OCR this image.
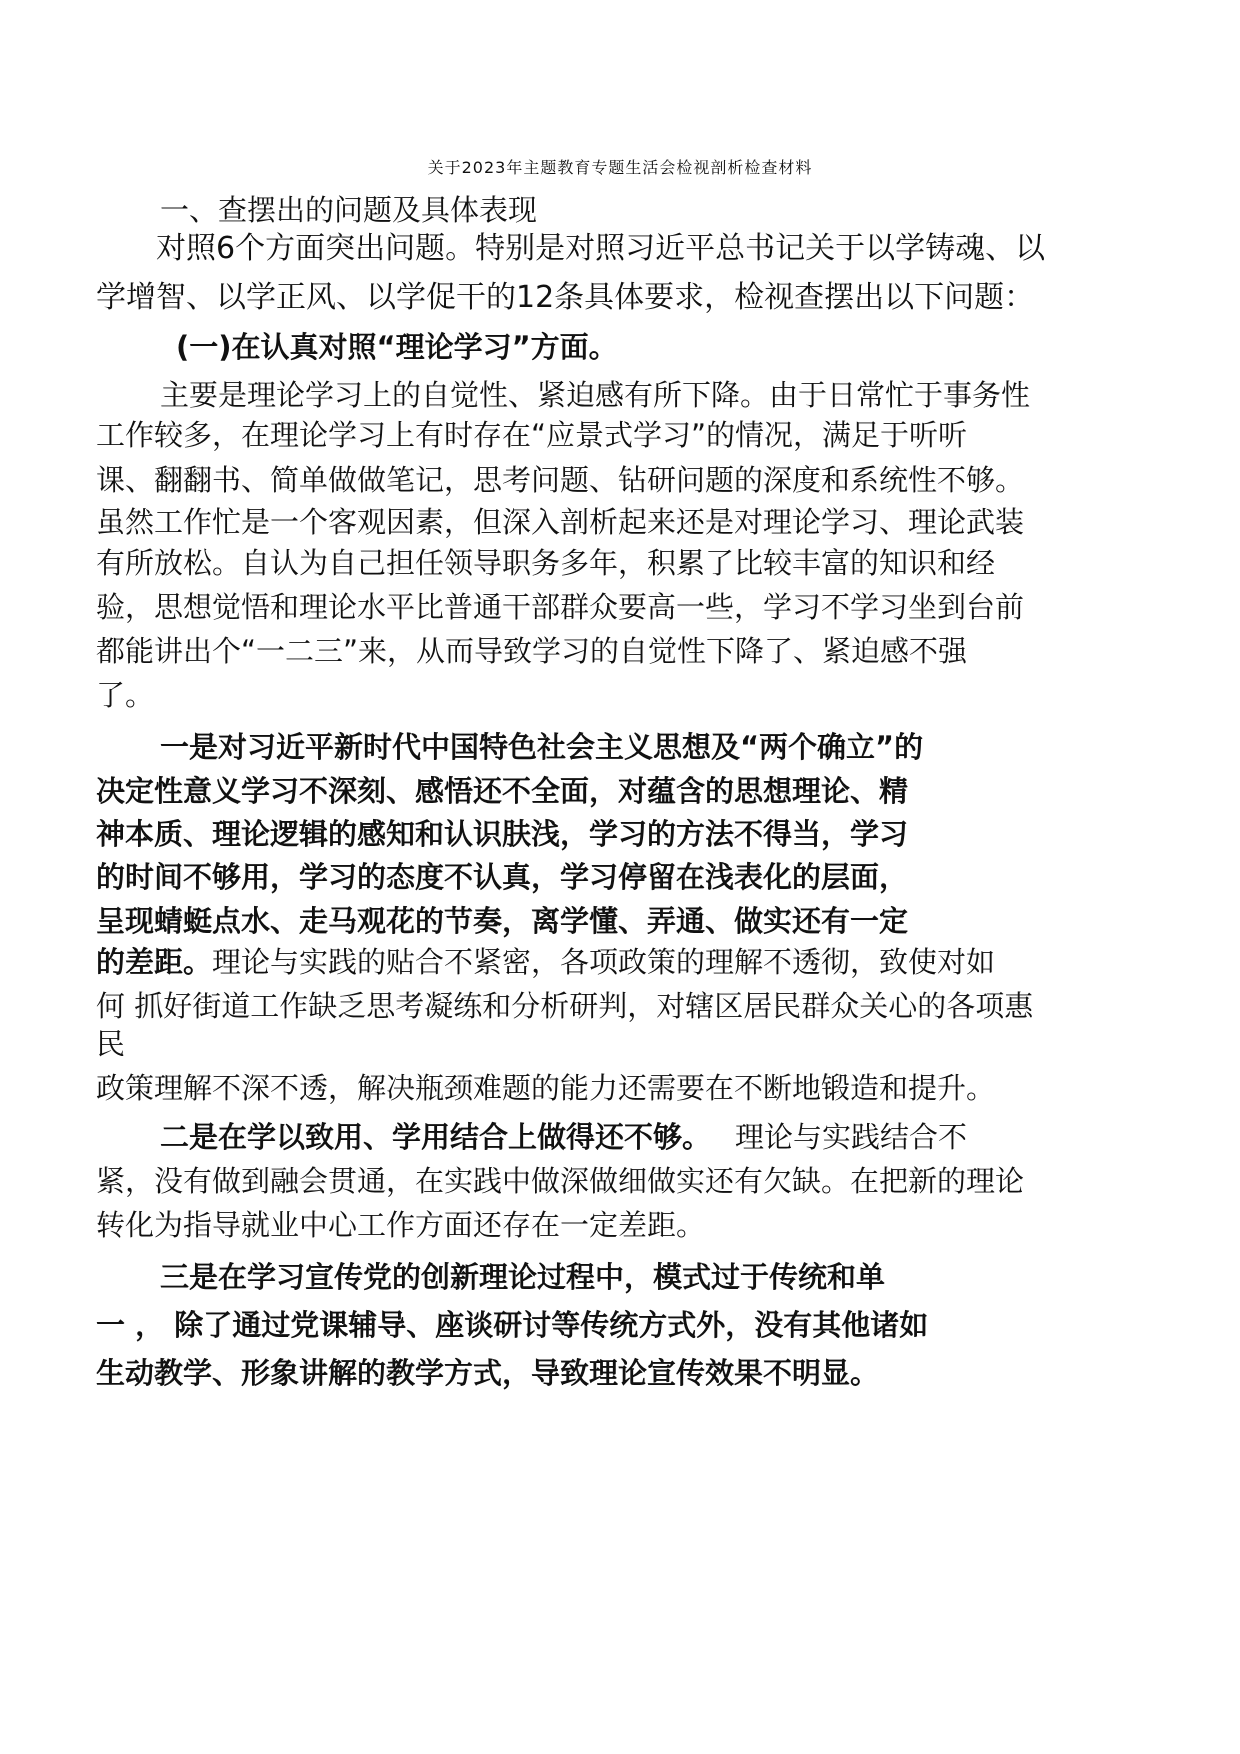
关于2023年主题教育专题生活会检视剖析检查材料
一、查摆出的问题及具体表现
对照6个方面突出问题。特别是对照习近平总书记关于以学铸魂、以
学增智、以学正风、以学促干的12条具体要求，检视查摆出以下问题：
(一)在认真对照“理论学习”方面。
主要是理论学习上的自觉性、紧迫感有所下降。由于日常忙于事务性
工作较多，在理论学习上有时存在“应景式学习”的情况，满足于听听
课、翻翻书、简单做做笔记，思考问题、钻研问题的深度和系统性不够。
虽然工作忙是一个客观因素，但深入剖析起来还是对理论学习、理论武装
有所放松。自认为自己担任领导职务多年，积累了比较丰富的知识和经
验，思想觉悟和理论水平比普通干部群众要高一些，学习不学习坐到台前
都能讲出个“一二三”来，从而导致学习的自觉性下降了、紧迫感不强
了。
一是对习近平新时代中国特色社会主义思想及“两个确立”的
决定性意义学习不深刻、感悟还不全面，对蕴含的思想理论、精
神本质、理论逻辑的感知和认识肤浅，学习的方法不得当，学习
的时间不够用，学习的态度不认真，学习停留在浅表化的层面，
呈现蜻蜓点水、走马观花的节奏，离学懂、弄通、做实还有一定
的差距。理论与实践的贴合不紧密，各项政策的理解不透彻，致使对如
何 抓好街道工作缺乏思考凝练和分析研判，对辖区居民群众关心的各项惠
民
政策理解不深不透，解决瓶颈难题的能力还需要在不断地锻造和提升。
二是在学以致用、学用结合上做得还不够。 理论与实践结合不
紧，没有做到融会贯通，在实践中做深做细做实还有欠缺。在把新的理论
转化为指导就业中心工作方面还存在一定差距。
三是在学习宣传党的创新理论过程中，模式过于传统和单
一 ， 除了通过党课辅导、座谈研讨等传统方式外，没有其他诸如
生动教学、形象讲解的教学方式，导致理论宣传效果不明显。
